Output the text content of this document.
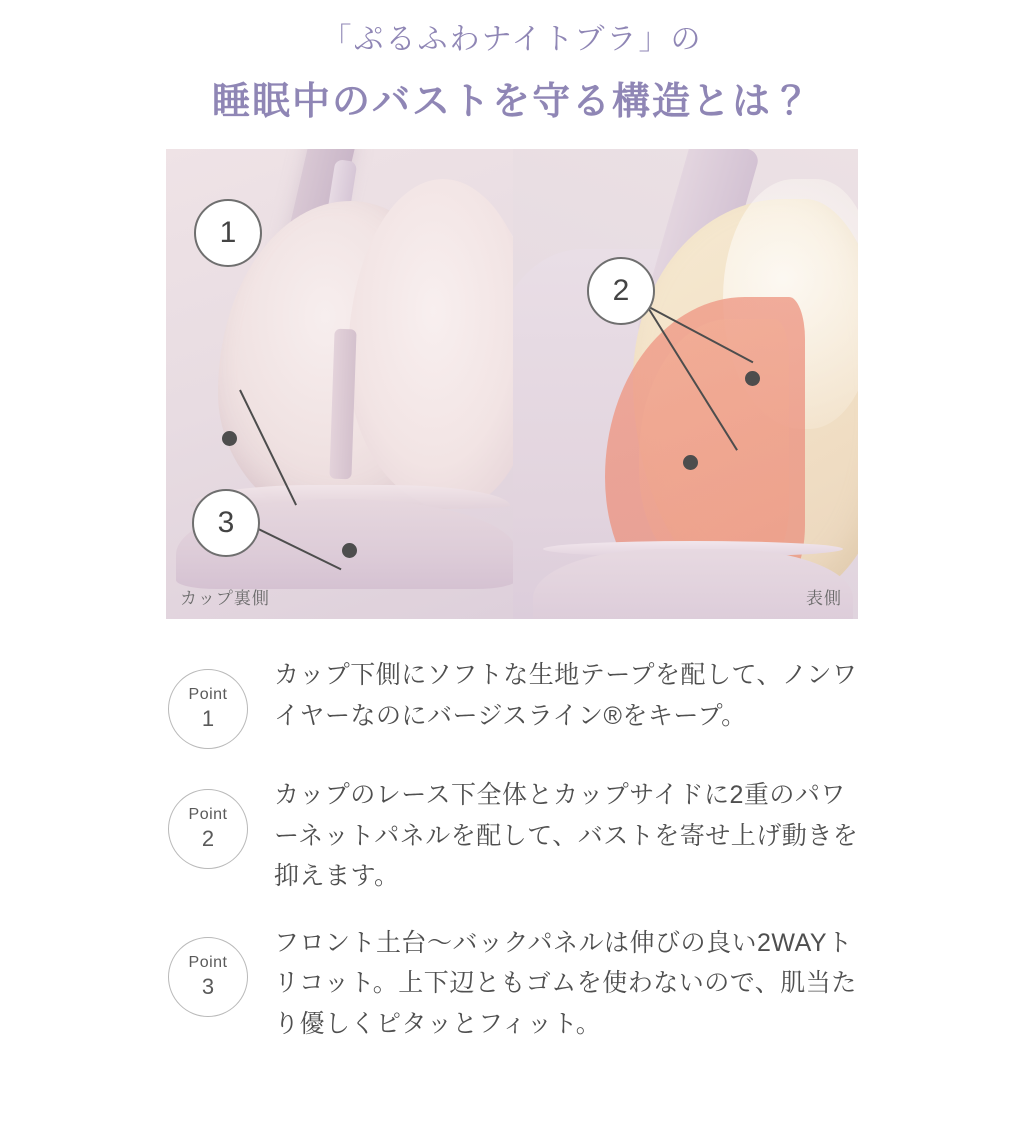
「ぷるふわナイトブラ」の
睡眠中のバストを守る構造とは？
1
3
カップ裏側
2
表側
Point
1
カップ下側にソフトな生地テープを配して、ノンワイヤーなのにバージスライン®をキープ。
Point
2
カップのレース下全体とカップサイドに2重のパワーネットパネルを配して、バストを寄せ上げ動きを抑えます。
Point
3
フロント土台〜バックパネルは伸びの良い2WAYトリコット。上下辺ともゴムを使わないので、肌当たり優しくピタッとフィット。
